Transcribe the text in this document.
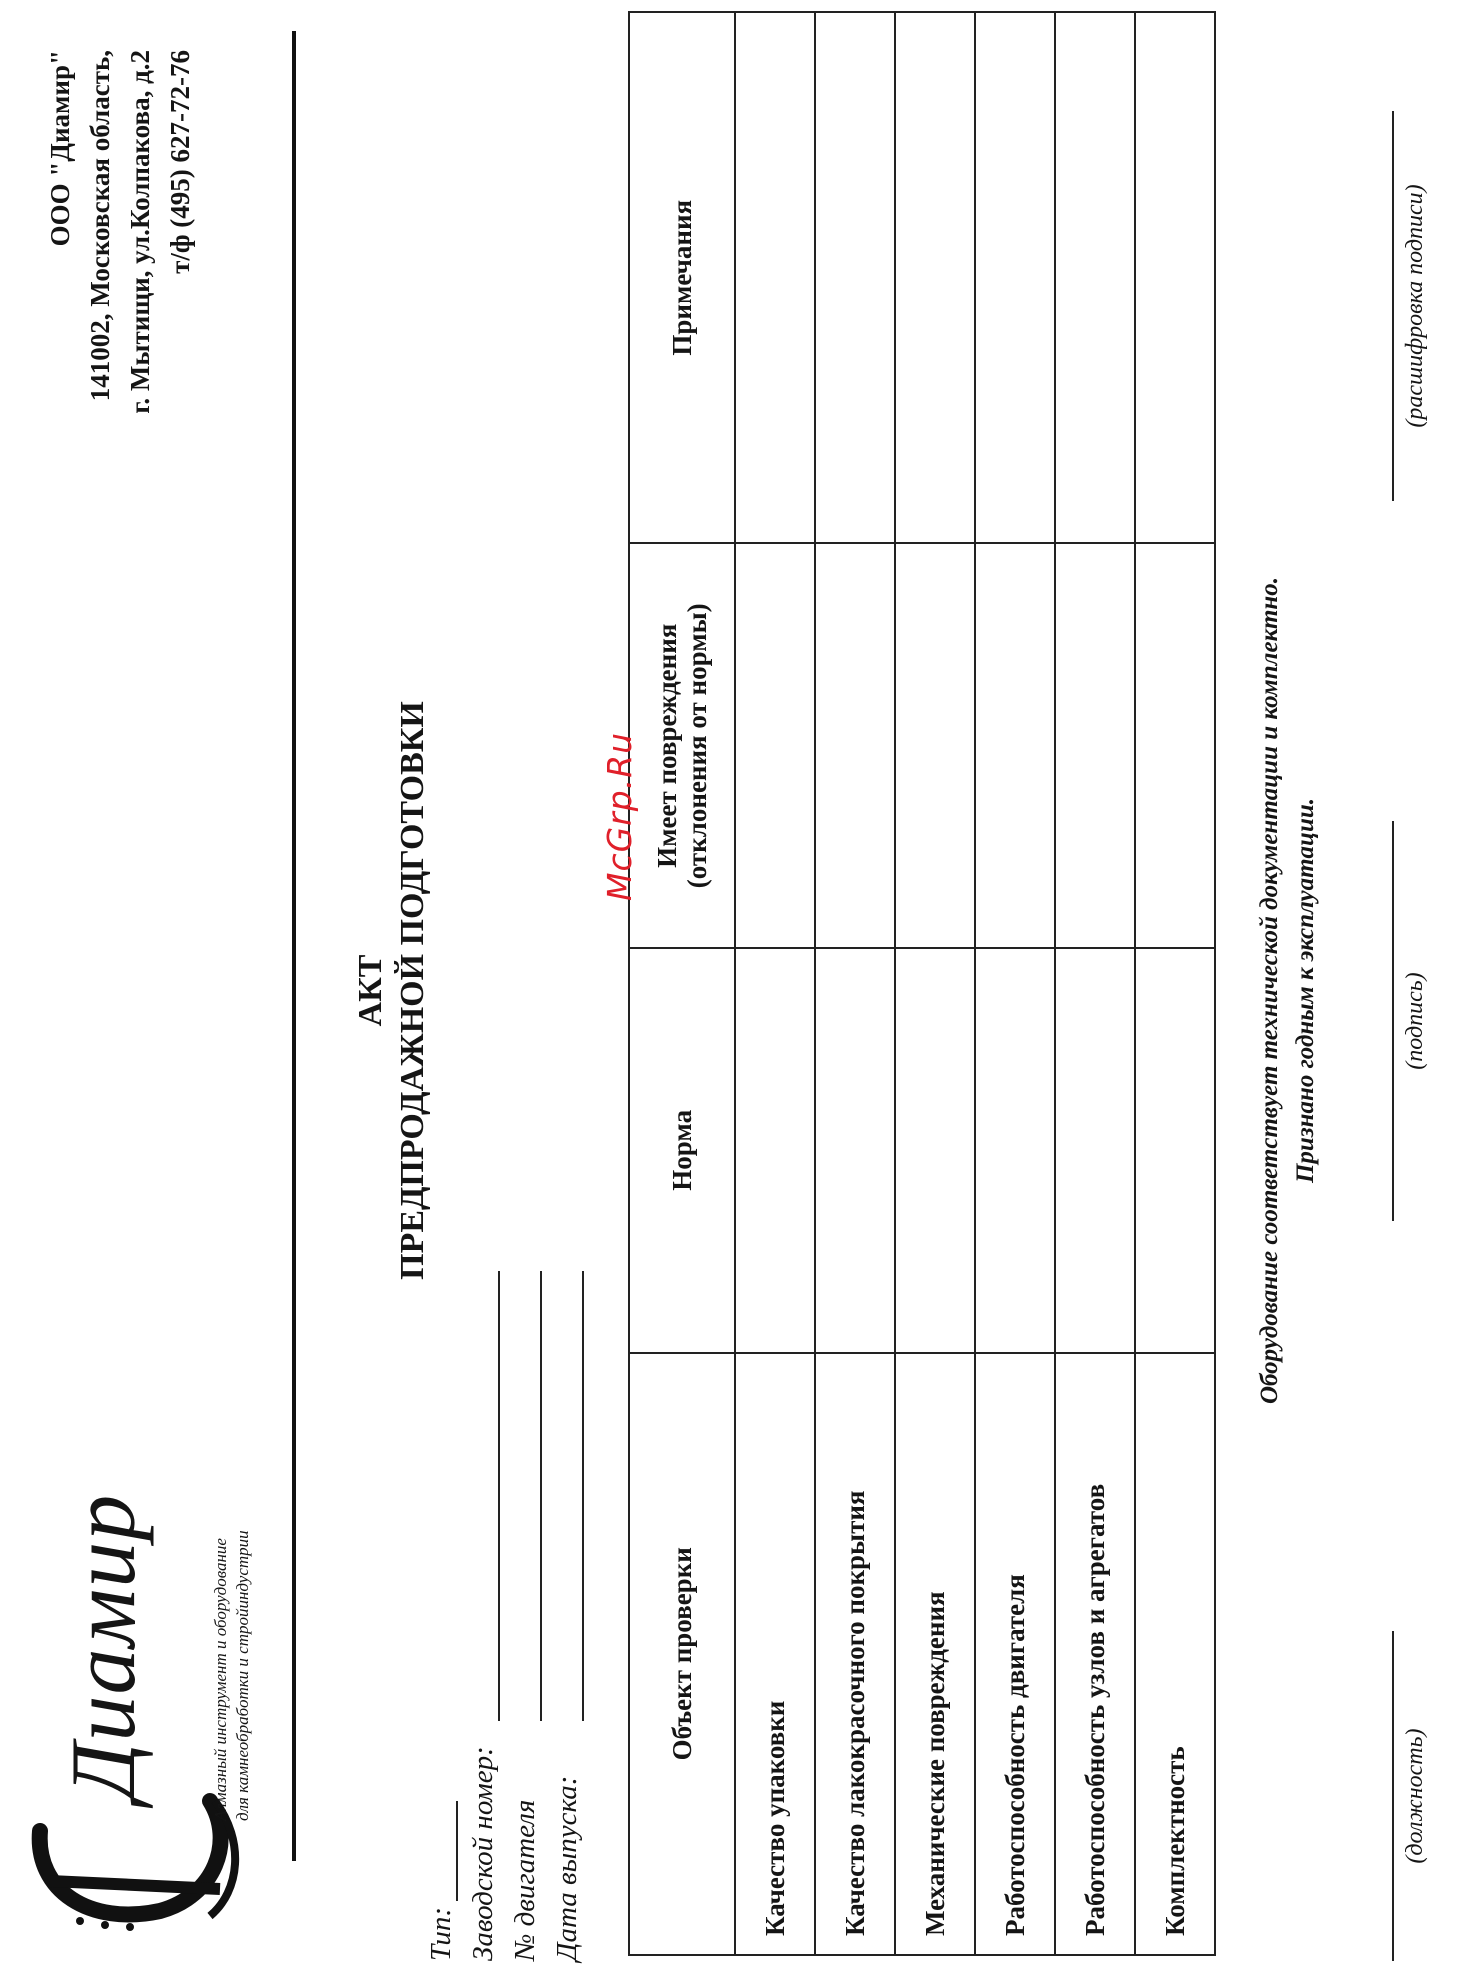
Диамир	Алмазный инструмент и оборудование для камнеобработки и стройиндустрии
ООО "Диамир" 141002, Московская область, г. Мытищи, ул.Колпакова, д.2 т/ф (495) 627-72-76
АКТ ПРЕДПРОДАЖНОЙ ПОДГОТОВКИ
Тип: Заводской номер: № двигателя Дата выпуска:
Объект проверки	Норма	Имеет повреждения (отклонения от нормы)	Примечания
Качество упаковки			
Качество лакокрасочного покрытия			
Механические повреждения			
Работоспособность двигателя			
Работоспособность узлов и агрегатов			
Комплектность			
Оборудование соответствует технической документации и комплектно. Признано годным к эксплуатации.
(должность)
(подпись)
(расшифровка подписи)
McGrp.Ru
